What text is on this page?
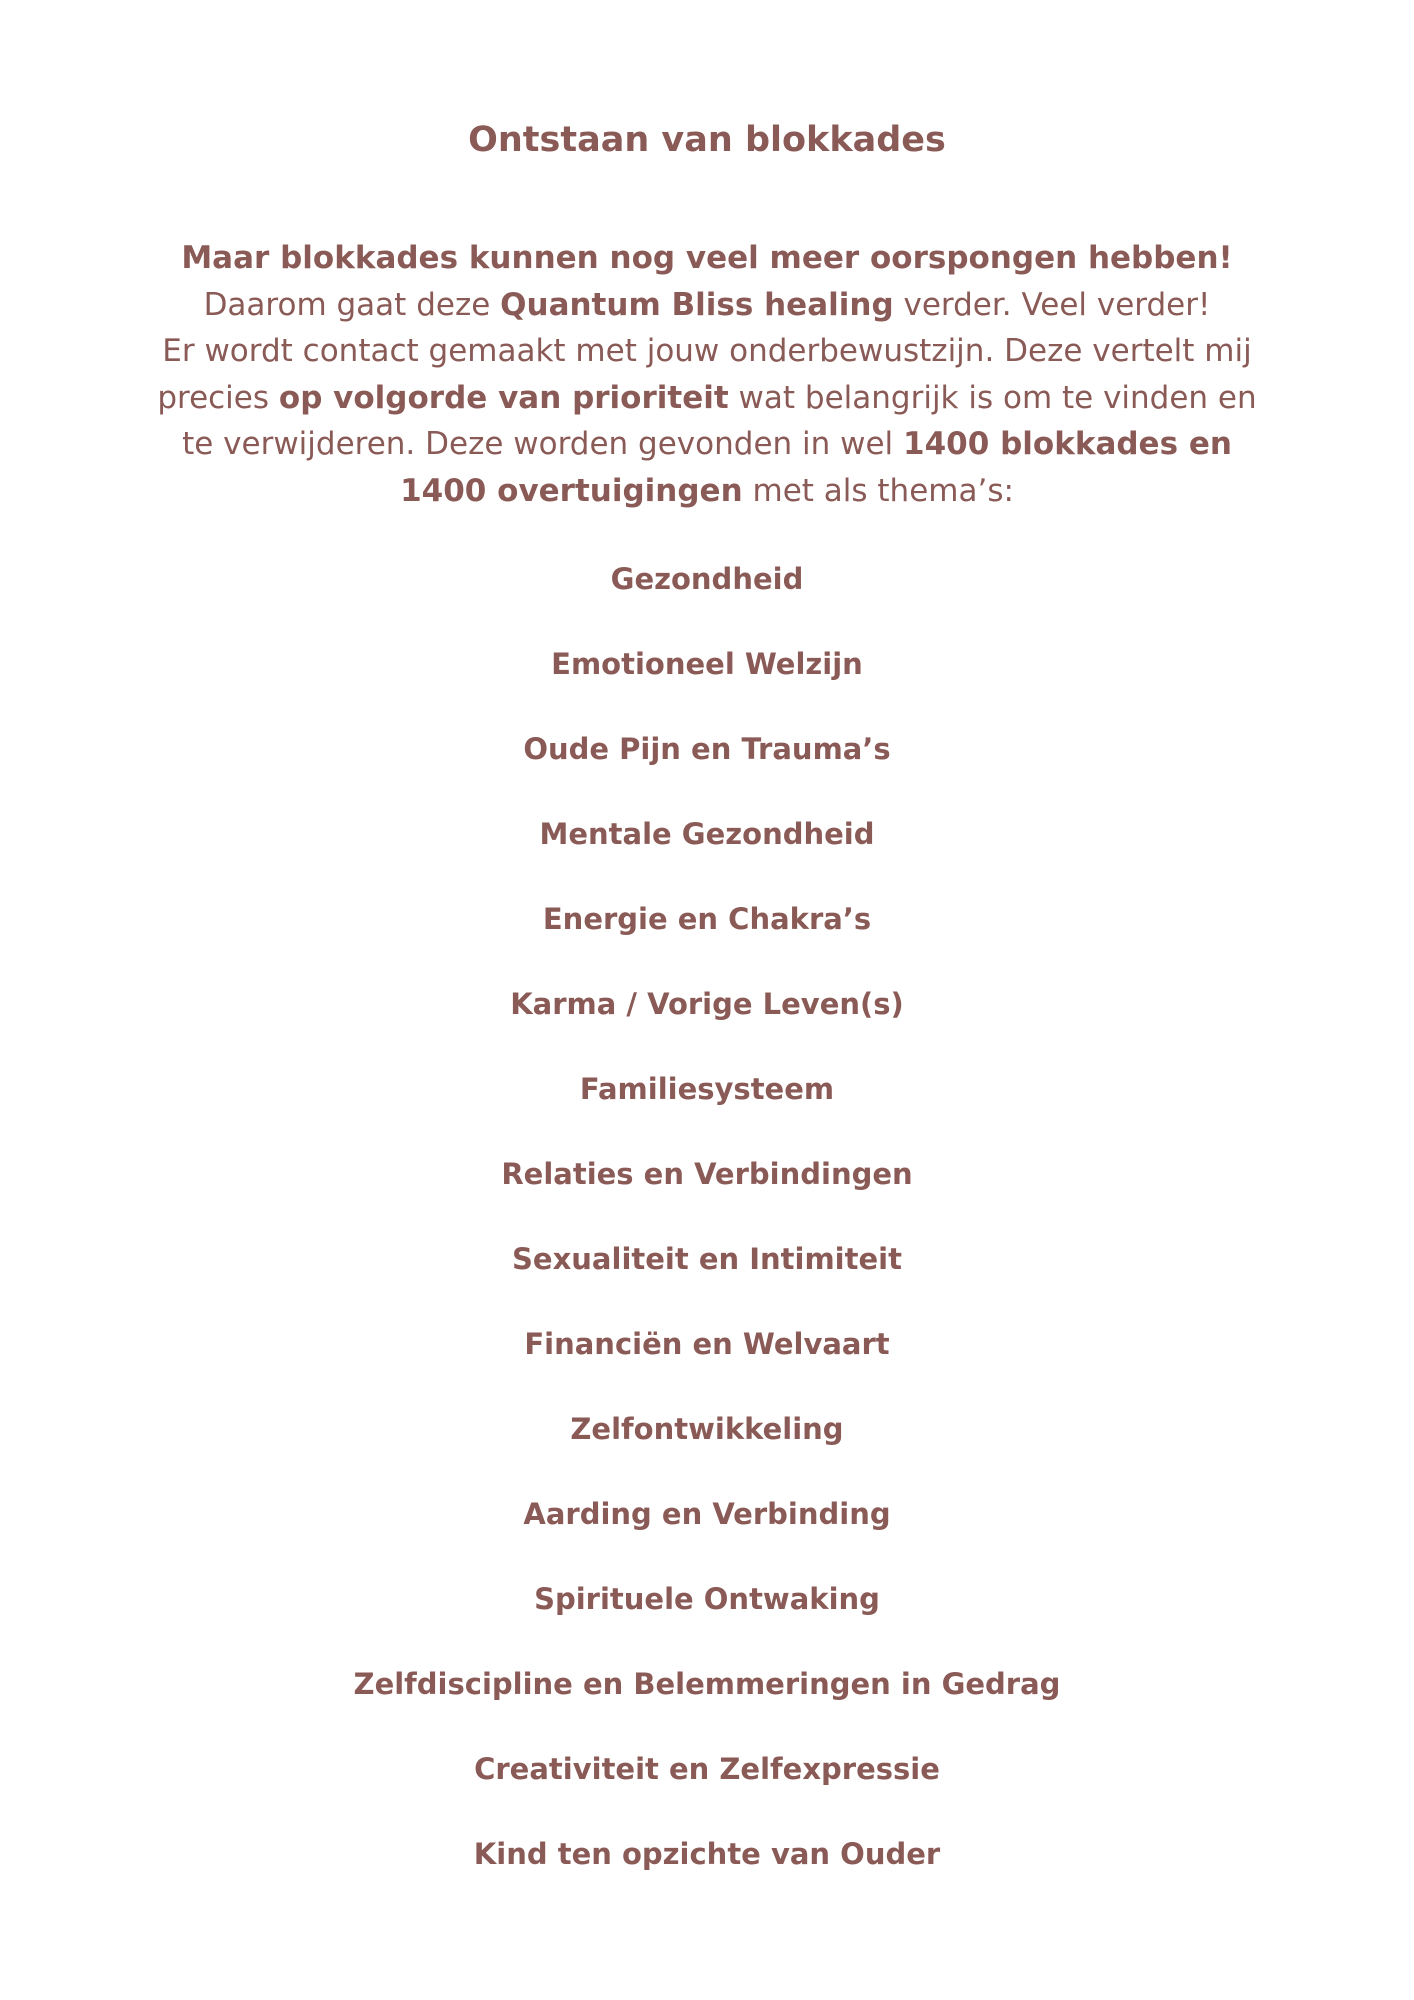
Ontstaan van blokkades
Maar blokkades kunnen nog veel meer oorspongen hebben!
Daarom gaat deze Quantum Bliss healing verder. Veel verder!
Er wordt contact gemaakt met jouw onderbewustzijn. Deze vertelt mij precies op volgorde van prioriteit wat belangrijk is om te vinden en te verwijderen. Deze worden gevonden in wel 1400 blokkades en 1400 overtuigingen met als thema’s:
Gezondheid
Emotioneel Welzijn
Oude Pijn en Trauma’s
Mentale Gezondheid
Energie en Chakra’s
Karma / Vorige Leven(s)
Familiesysteem
Relaties en Verbindingen
Sexualiteit en Intimiteit
Financiën en Welvaart
Zelfontwikkeling
Aarding en Verbinding
Spirituele Ontwaking
Zelfdiscipline en Belemmeringen in Gedrag
Creativiteit en Zelfexpressie
Kind ten opzichte van Ouder
